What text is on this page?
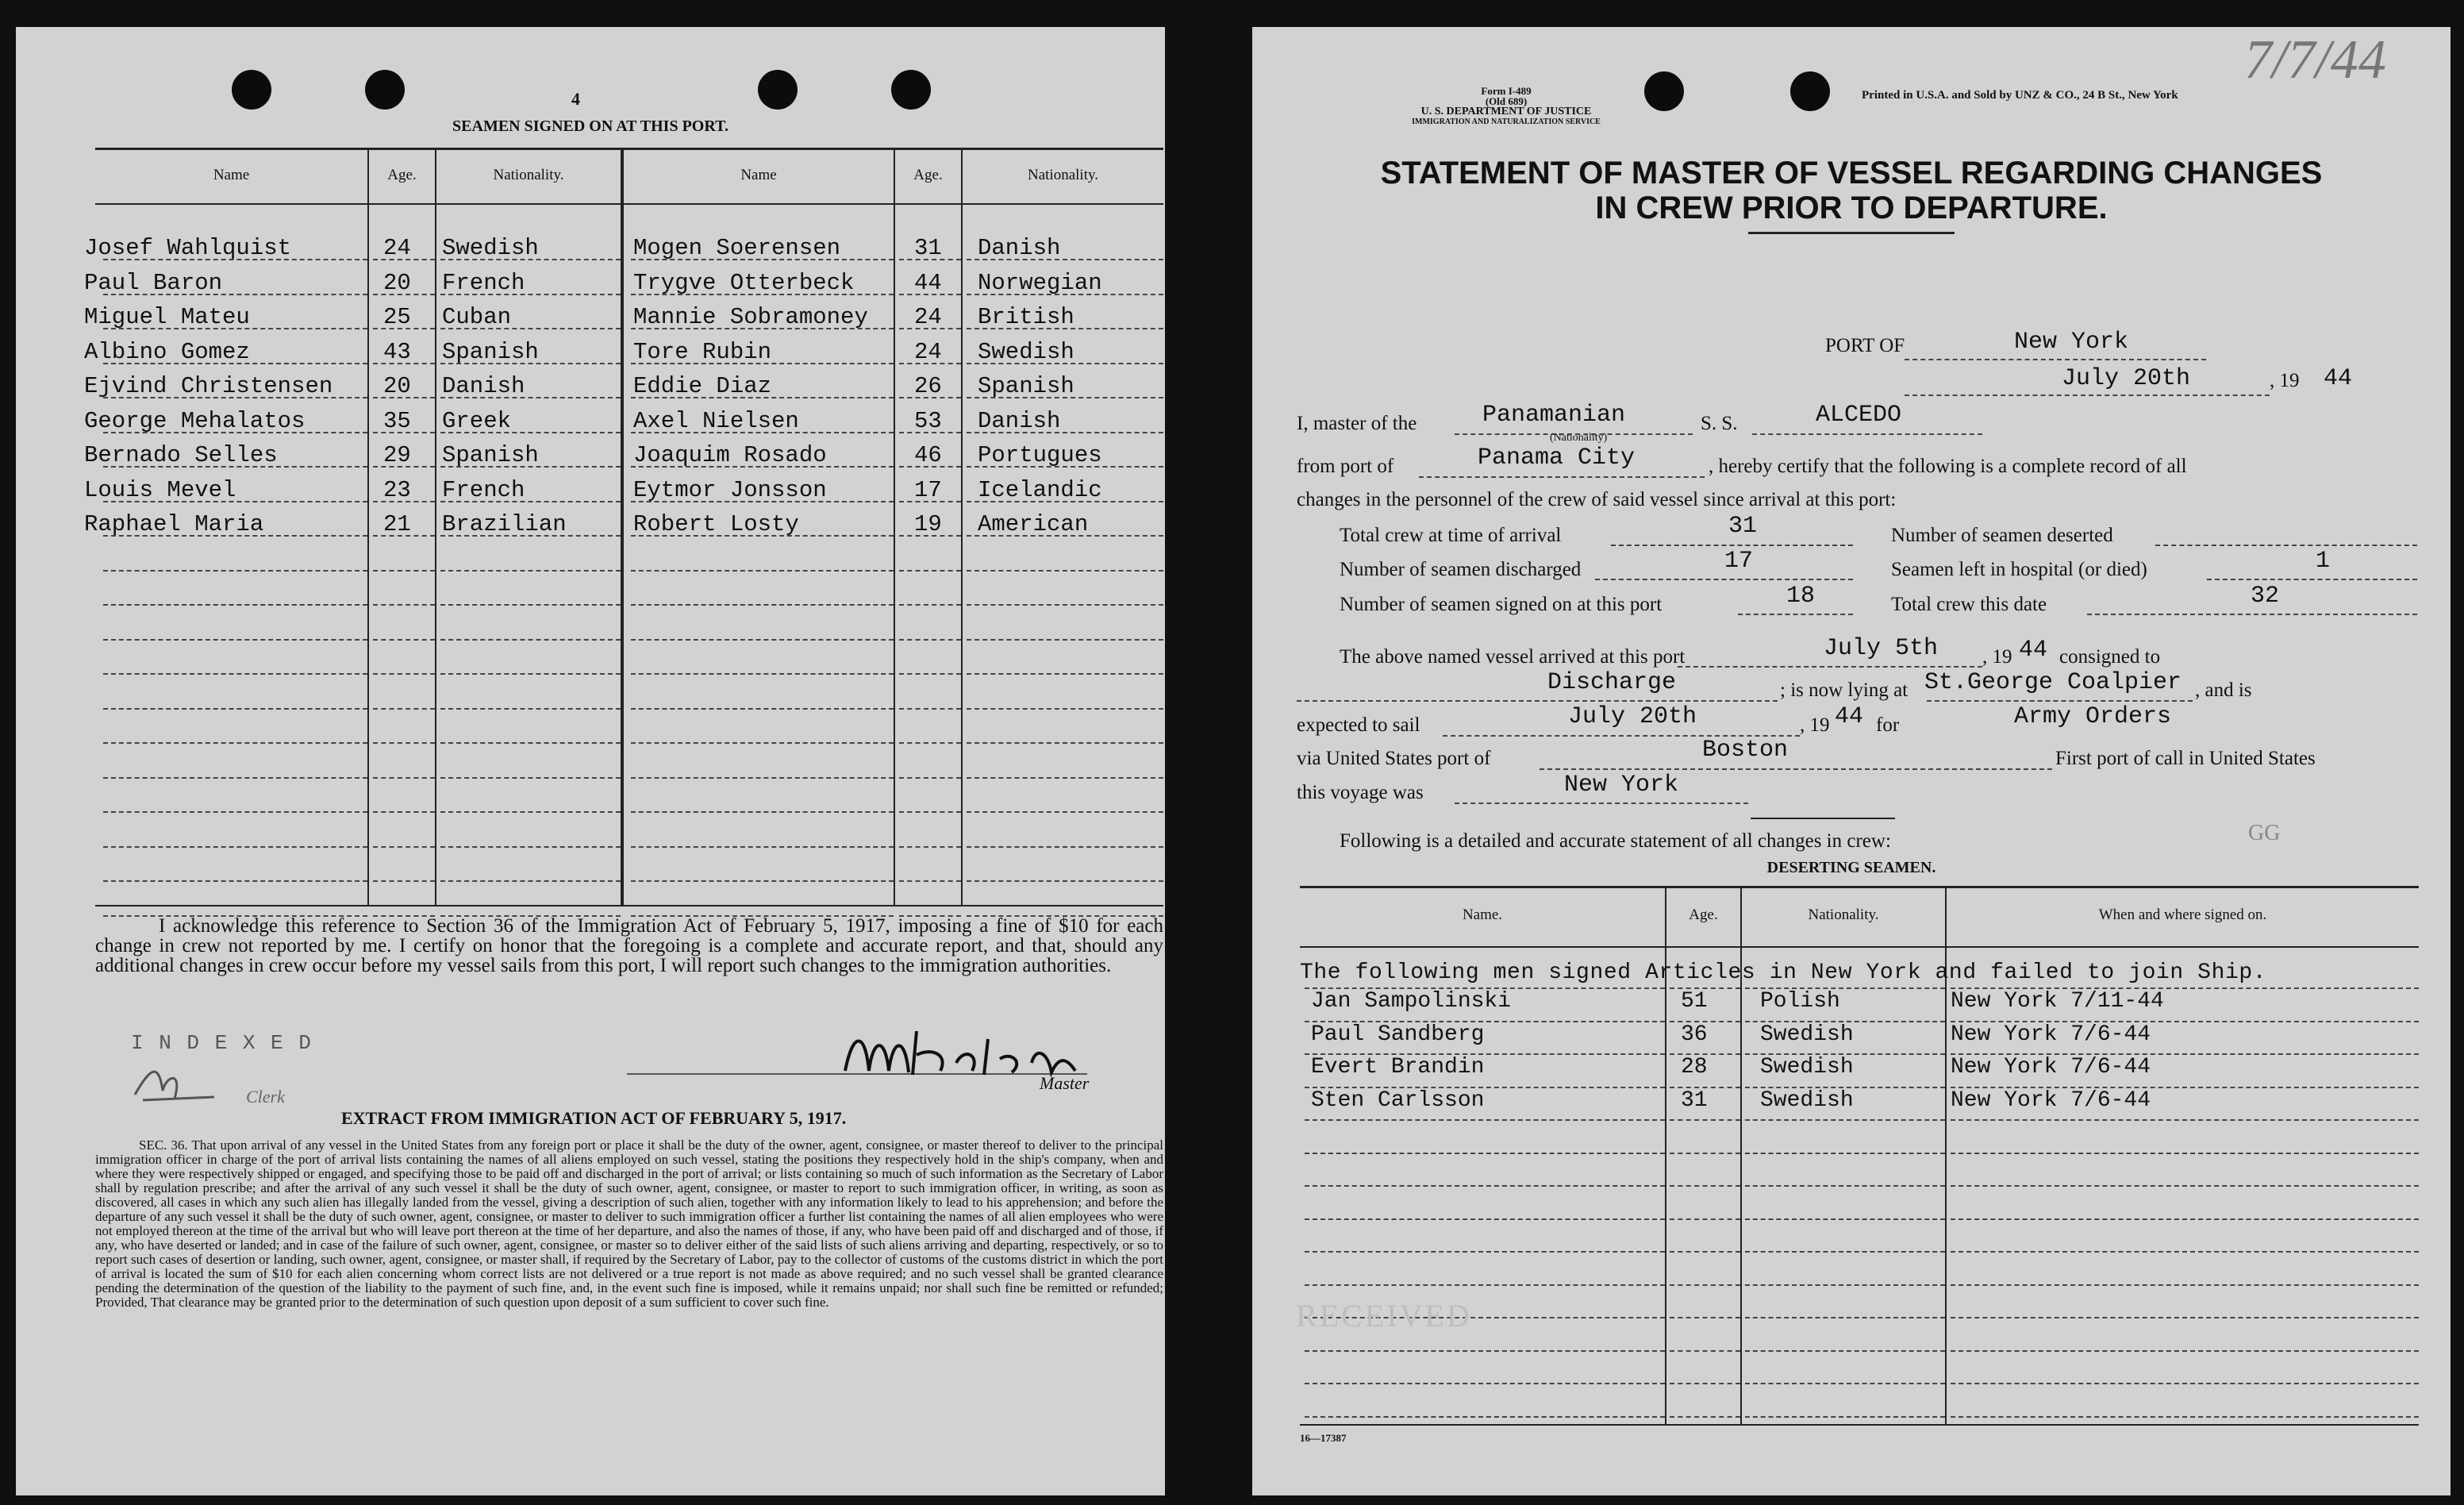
4
SEAMEN SIGNED ON AT THIS PORT.
Name	Age.	Nationality.	Name	Age.	Nationality.
Josef Wahlquist	24 Swedish	Mogen Soerensen	31 Danish
Paul Baron	20 French	Trygve Otterbeck	44 Norwegian
Miguel Mateu	25 Cuban	Mannie Sobramoney 24 British
Albino Gomez	43 Spanish	Tore Rubin	24 Swedish
Ejvind Christensen 20 Danish	Eddie Diaz	26 Spanish
George Mehalatos	35 Greek	Axel Nielsen	53 Danish
Bernado Selles	29 Spanish	Joaquim Rosado	46 Portugues
Louis Mevel	23 French	Eytmor Jonsson	17 Icelandic
Raphael Maria	21 Brazilian	Robert Losty	19 American
I acknowledge this reference to Section 36 of the Immigration Act of February 5, 1917, imposing a fine of $10 for each change in crew not reported by me. I certify on honor that the foregoing is a complete and accurate report, and that, should any additional changes in crew occur before my vessel sails from this port, I will report such changes to the immigration authorities.
I N D E X E D
Clerk
Master
EXTRACT FROM IMMIGRATION ACT OF FEBRUARY 5, 1917.
SEC. 36. That upon arrival of any vessel in the United States from any foreign port or place it shall be the duty of the owner, agent, consignee, or master thereof to deliver to the principal immigration officer in charge of the port of arrival lists containing the names of all aliens employed on such vessel, stating the positions they respectively hold in the ship's company, when and where they were respectively shipped or engaged, and specifying those to be paid off and discharged in the port of arrival; or lists containing so much of such information as the Secretary of Labor shall by regulation prescribe; and after the arrival of any such vessel it shall be the duty of such owner, agent, consignee, or master to report to such immigration officer, in writing, as soon as discovered, all cases in which any such alien has illegally landed from the vessel, giving a description of such alien, together with any information likely to lead to his apprehension; and before the departure of any such vessel it shall be the duty of such owner, agent, consignee, or master to deliver to such immigration officer a further list containing the names of all alien employees who were not employed thereon at the time of the arrival but who will leave port thereon at the time of her departure, and also the names of those, if any, who have been paid off and discharged and of those, if any, who have deserted or landed; and in case of the failure of such owner, agent, consignee, or master so to deliver either of the said lists of such aliens arriving and departing, respectively, or so to report such cases of desertion or landing, such owner, agent, consignee, or master shall, if required by the Secretary of Labor, pay to the collector of customs of the customs district in which the port of arrival is located the sum of $10 for each alien concerning whom correct lists are not delivered or a true report is not made as above required; and no such vessel shall be granted clearance pending the determination of the question of the liability to the payment of such fine, and, in the event such fine is imposed, while it remains unpaid; nor shall such fine be remitted or refunded; Provided, That clearance may be granted prior to the determination of such question upon deposit of a sum sufficient to cover such fine.
Form I-489
(Old 689)
U. S. DEPARTMENT OF JUSTICE
IMMIGRATION AND NATURALIZATION SERVICE
Printed in U.S.A. and Sold by UNZ & CO., 24 B St., New York
7/7/44
STATEMENT OF MASTER OF VESSEL REGARDING CHANGES
IN CREW PRIOR TO DEPARTURE.
PORT OF	New York
July 20th	, 19 44
I, master of the	Panamanian
(Nationality)
S. S.	ALCEDO
from port of	Panama City	, hereby certify that the following is a complete record of all
changes in the personnel of the crew of said vessel since arrival at this port:
Total crew at time of arrival	31	Number of seamen deserted
Number of seamen discharged	17	Seamen left in hospital (or died)	1
Number of seamen signed on at this port	18	Total crew this date	32
The above named vessel arrived at this port	July 5th , 19 44 consigned to
Discharge	; is now lying at St.George Coalpier , and is
expected to sail	July 20th	, 19 44 for	Army Orders
via United States port of	Boston	First port of call in United States
this voyage was	New York
Following is a detailed and accurate statement of all changes in crew:	GG
DESERTING SEAMEN.
Name.	Age.	Nationality.	When and where signed on.
The following men signed Articles in New York and failed to join Ship.
Jan Sampolinski	51 Polish	New York 7/11-44
Paul Sandberg	36 Swedish	New York 7/6-44
Evert Brandin	28 Swedish	New York 7/6-44
Sten Carlsson	31 Swedish	New York 7/6-44
RECEIVED
16—17387
